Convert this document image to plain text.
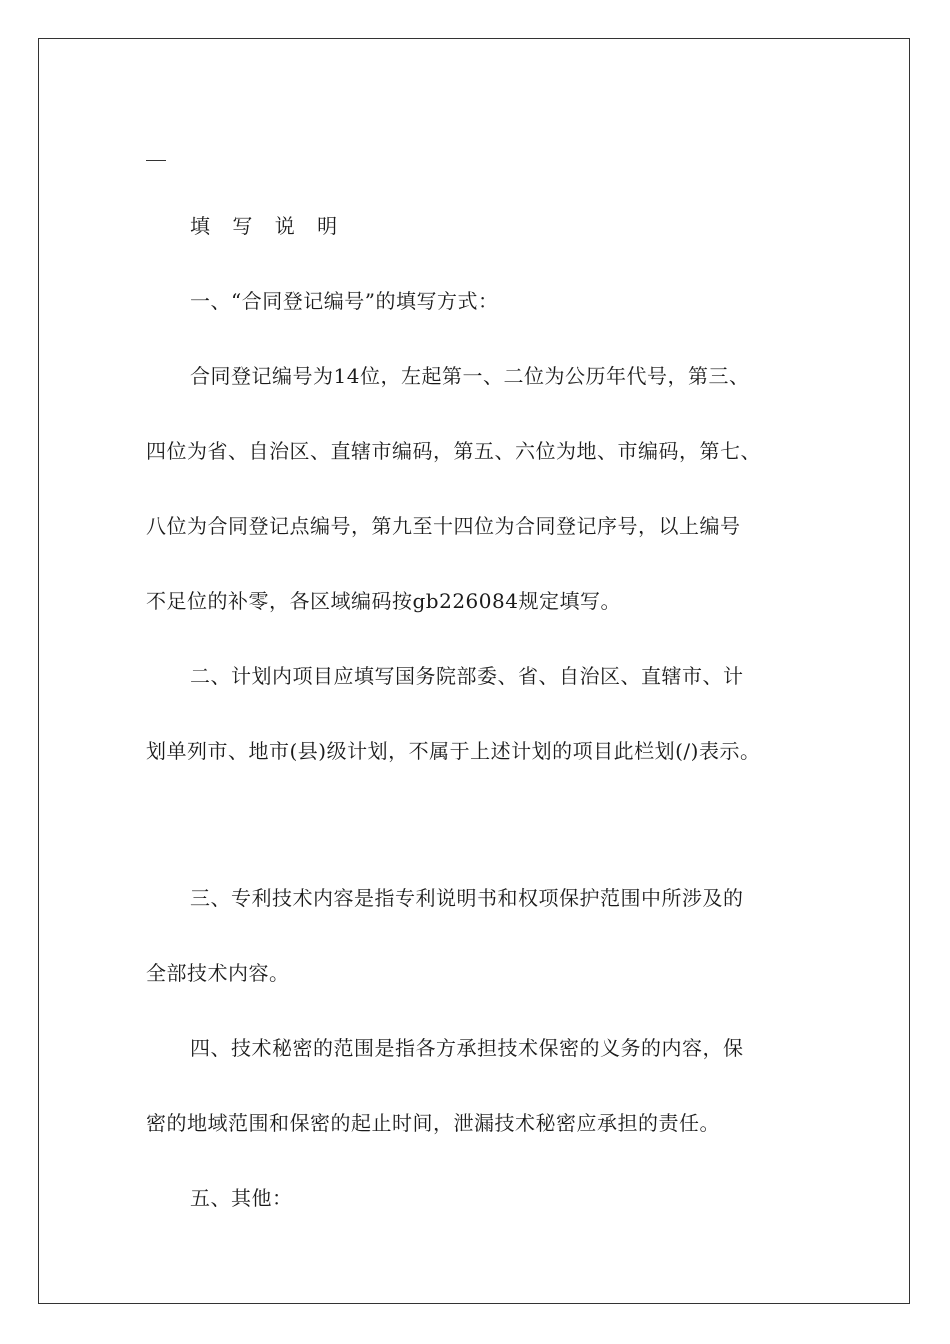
填 写 说 明
一、“合同登记编号”的填写方式：
合同登记编号为14位，左起第一、二位为公历年代号，第三、
四位为省、自治区、直辖市编码，第五、六位为地、市编码，第七、
八位为合同登记点编号，第九至十四位为合同登记序号，以上编号
不足位的补零，各区域编码按gb226084规定填写。
二、计划内项目应填写国务院部委、省、自治区、直辖市、计
划单列市、地市(县)级计划，不属于上述计划的项目此栏划(/)表示。
三、专利技术内容是指专利说明书和权项保护范围中所涉及的
全部技术内容。
四、技术秘密的范围是指各方承担技术保密的义务的内容，保
密的地域范围和保密的起止时间，泄漏技术秘密应承担的责任。
五、其他：
